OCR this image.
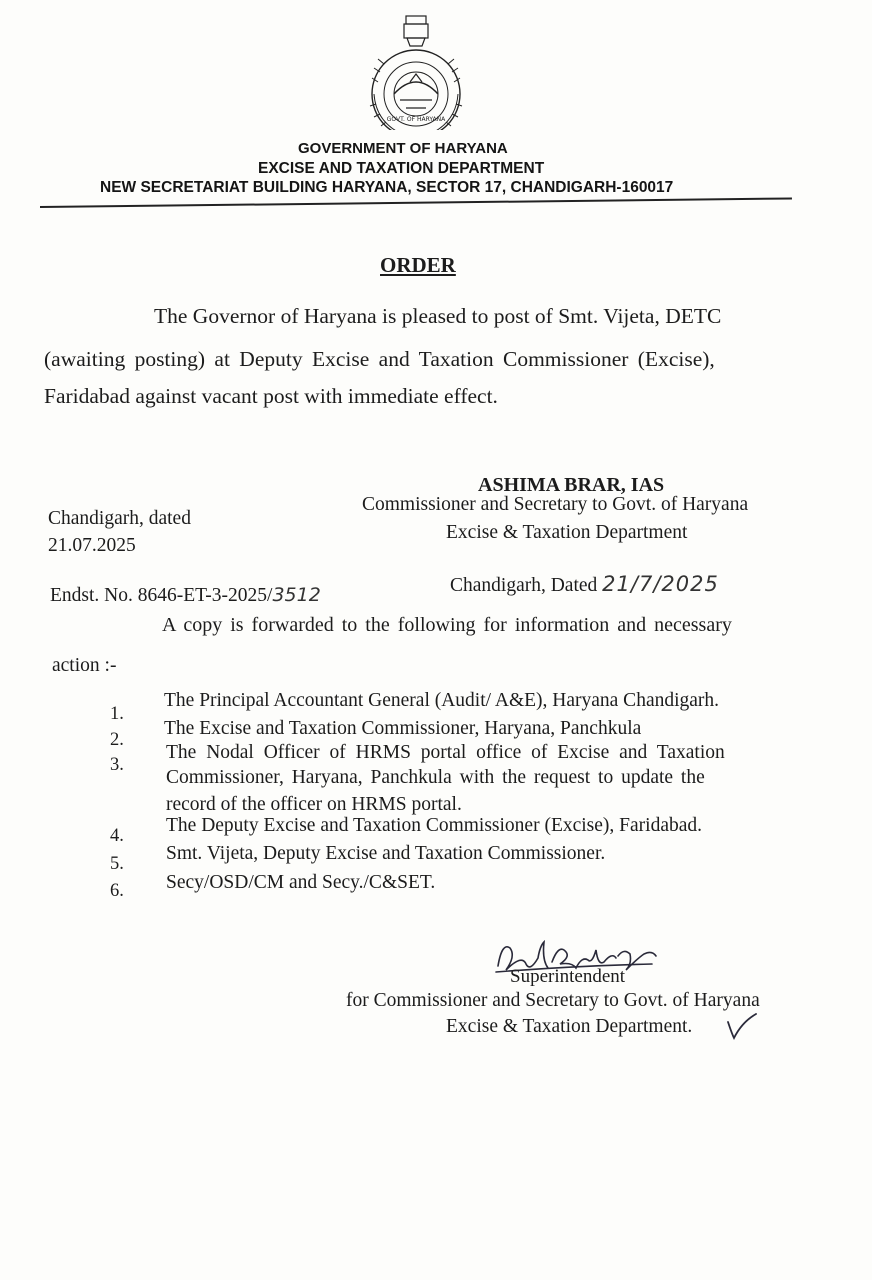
GOVT. OF HARYANA
GOVERNMENT OF HARYANA
EXCISE AND TAXATION DEPARTMENT
NEW SECRETARIAT BUILDING HARYANA, SECTOR 17, CHANDIGARH-160017
ORDER
The Governor of Haryana is pleased to post of Smt. Vijeta, DETC
(awaiting posting) at Deputy Excise and Taxation Commissioner (Excise),
Faridabad against vacant post with immediate effect.
ASHIMA BRAR, IAS
Commissioner and Secretary to Govt. of Haryana
Excise & Taxation Department
Chandigarh, dated
21.07.2025
Endst. No. 8646-ET-3-2025/3512	Chandigarh, Dated 21/7/2025
A copy is forwarded to the following for information and necessary
action :-
1.
The Principal Accountant General (Audit/ A&E), Haryana Chandigarh.
2.
The Excise and Taxation Commissioner, Haryana, Panchkula
3.
The Nodal Officer of HRMS portal office of Excise and Taxation
Commissioner, Haryana, Panchkula with the request to update the
record of the officer on HRMS portal.
4. The Deputy Excise and Taxation Commissioner (Excise), Faridabad.
5. Smt. Vijeta, Deputy Excise and Taxation Commissioner.
6. Secy/OSD/CM and Secy./C&SET.
Superintendent
for Commissioner and Secretary to Govt. of Haryana
Excise & Taxation Department.
